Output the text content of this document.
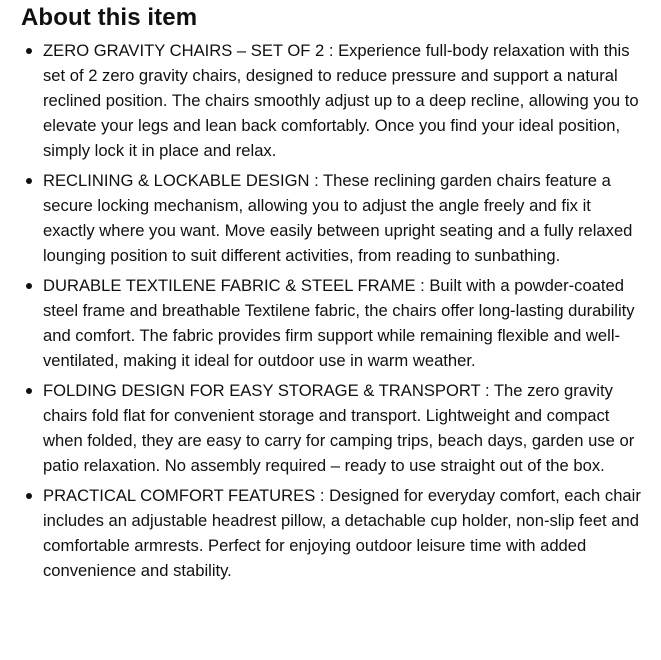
About this item
ZERO GRAVITY CHAIRS – SET OF 2 : Experience full-body relaxation with this set of 2 zero gravity chairs, designed to reduce pressure and support a natural reclined position. The chairs smoothly adjust up to a deep recline, allowing you to elevate your legs and lean back comfortably. Once you find your ideal position, simply lock it in place and relax.
RECLINING & LOCKABLE DESIGN : These reclining garden chairs feature a secure locking mechanism, allowing you to adjust the angle freely and fix it exactly where you want. Move easily between upright seating and a fully relaxed lounging position to suit different activities, from reading to sunbathing.
DURABLE TEXTILENE FABRIC & STEEL FRAME : Built with a powder-coated steel frame and breathable Textilene fabric, the chairs offer long-lasting durability and comfort. The fabric provides firm support while remaining flexible and well-ventilated, making it ideal for outdoor use in warm weather.
FOLDING DESIGN FOR EASY STORAGE & TRANSPORT : The zero gravity chairs fold flat for convenient storage and transport. Lightweight and compact when folded, they are easy to carry for camping trips, beach days, garden use or patio relaxation. No assembly required – ready to use straight out of the box.
PRACTICAL COMFORT FEATURES : Designed for everyday comfort, each chair includes an adjustable headrest pillow, a detachable cup holder, non-slip feet and comfortable armrests. Perfect for enjoying outdoor leisure time with added convenience and stability.
